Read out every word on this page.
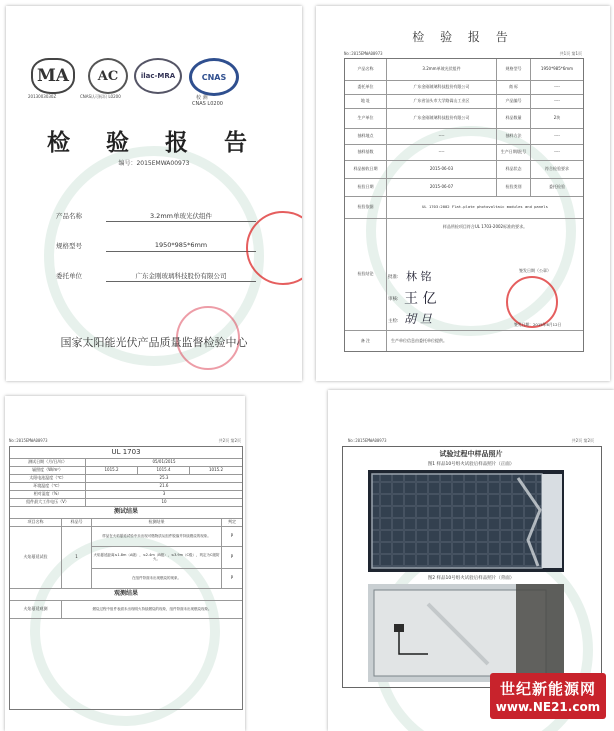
MA
2013003030Z
AC
CNAS认可标识 L0200
ilac-MRA	CNAS
校 测
CNAS L0200
检 验 报 告
编号：2015EMWA00973
产品名称	3.2mm单玻光伏组件
规格型号	1950*985*6mm
委托单位	广东金刚玻璃科技股份有限公司
国家太阳能光伏产品质量监督检验中心
检 验 报 告
No:2015EMWA00973	共1页 第1页
产品名称	3.2mm单玻光伏组件	规格型号	1950*985*6mm
委托单位	广东金刚玻璃科技股份有限公司	商 标	----
地 址	广东省汕头市大学路嵩山工业区	产品编号	----
生产单位	广东金刚玻璃科技股份有限公司	样品数量	2块
抽样地点	----	抽样方法	----
抽样基数	----	生产日期/批号	----
样品接收日期	2015-06-03	样品状态	符合检验要求
检验日期	2015-06-07	检验类别	委托检验
检验依据	UL 1703:2002 Flat-plate photovoltaic modules and panels
检验结论
样品所检项目符合UL 1703-2002标准的要求。
备 注	生产单位信息由委托单位提供。
批准: 林 铭
审核: 王 亿
主检: 胡 旦
签发日期（公章）
签发日期：2015年6月12日
No:2015EMWA00973	共2页 第2页
UL 1703
测试日期（月/日/年）	05/01/2015
辐照度（W/m²）	1015.2	1015.4	1015.2
太阳电池温度（℃）	25.3
环境温度（℃）	21.6
相对湿度（%）	3
组件最大工作电压（V）	10
测试结果
项目名称	样品号	检测结果	判定
火焰蔓延试验	1
样品在火焰蔓延试验中未出现可燃物质从组件脱落并持续燃烧的现象。	P
火焰蔓延距离≤1.8m（A级），≤2.4m（B级），≤3.9m（C级），判定为C级防火。	P
在组件背面未出现燃烧的现象。	P
观测结果
火焰蔓延观测	燃烧过程中组件表面未出现明火持续燃烧的现象，组件背面未出现燃烧现象。
No:2015EMWA00973	共2页 第2页
试验过程中样品照片
图1 样品10号组火试验后样品照片（正面）
图2 样品10号组火试验后样品照片（背面）
世纪新能源网
www.NE21.com
